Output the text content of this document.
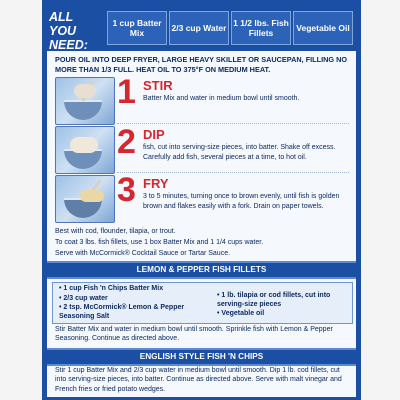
ALL YOU NEED:
1 cup Batter Mix	2/3 cup Water 1 1/2 lbs. Fish Fillets	Vegetable Oil
POUR OIL INTO DEEP FRYER, LARGE HEAVY SKILLET OR SAUCEPAN, FILLING NO MORE THAN 1/3 FULL. HEAT OIL TO 375°F ON MEDIUM HEAT.
1 STIR
Batter Mix and water in medium bowl until smooth.
2 DIP
fish, cut into serving-size pieces, into batter. Shake off excess. Carefully add fish, several pieces at a time, to hot oil.
3 FRY
3 to 5 minutes, turning once to brown evenly, until fish is golden brown and flakes easily with a fork. Drain on paper towels.
Best with cod, flounder, tilapia, or trout.
To coat 3 lbs. fish fillets, use 1 box Batter Mix and 1 1/4 cups water.
Serve with McCormick® Cocktail Sauce or Tartar Sauce.
LEMON & PEPPER FISH FILLETS
• 1 cup Fish 'n Chips Batter Mix
• 2/3 cup water
• 2 tsp. McCormick® Lemon & Pepper Seasoning Salt
• 1 lb. tilapia or cod fillets, cut into serving-size pieces
• Vegetable oil
Stir Batter Mix and water in medium bowl until smooth. Sprinkle fish with Lemon & Pepper Seasoning. Continue as directed above.
ENGLISH STYLE FISH 'N CHIPS
Stir 1 cup Batter Mix and 2/3 cup water in medium bowl until smooth. Dip 1 lb. cod fillets, cut into serving-size pieces, into batter. Continue as directed above. Serve with malt vinegar and French fries or fried potato wedges.
